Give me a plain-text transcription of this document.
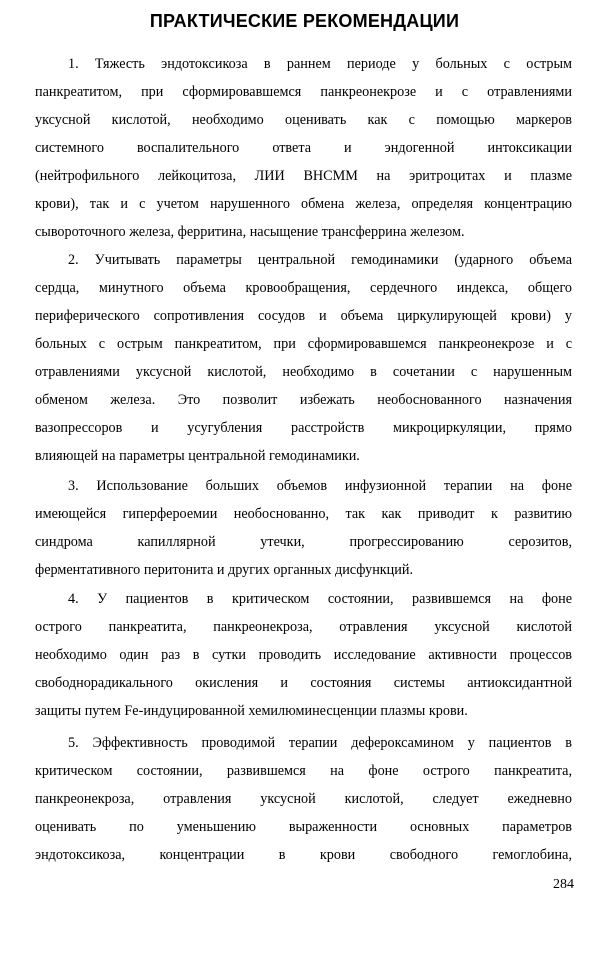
ПРАКТИЧЕСКИЕ РЕКОМЕНДАЦИИ
1. Тяжесть эндотоксикоза в раннем периоде у больных с острым
панкреатитом, при сформировавшемся панкреонекрозе и с отравлениями
уксусной кислотой, необходимо оценивать как с помощью маркеров
системного воспалительного ответа и эндогенной интоксикации
(нейтрофильного лейкоцитоза, ЛИИ ВНСММ на эритроцитах и плазме
крови), так и с учетом нарушенного обмена железа, определяя концентрацию
сывороточного железа, ферритина, насыщение трансферрина железом.
2. Учитывать параметры центральной гемодинамики (ударного объема
сердца, минутного объема кровообращения, сердечного индекса, общего
периферического сопротивления сосудов и объема циркулирующей крови) у
больных с острым панкреатитом, при сформировавшемся панкреонекрозе и с
отравлениями уксусной кислотой, необходимо в сочетании с нарушенным
обменом железа. Это позволит избежать необоснованного назначения
вазопрессоров и усугубления расстройств микроциркуляции, прямо
влияющей на параметры центральной гемодинамики.
3. Использование больших объемов инфузионной терапии на фоне
имеющейся гиперфероемии необоснованно, так как приводит к развитию
синдрома капиллярной утечки, прогрессированию серозитов,
ферментативного перитонита и других органных дисфункций.
4. У пациентов в критическом состоянии, развившемся на фоне
острого панкреатита, панкреонекроза, отравления уксусной кислотой
необходимо один раз в сутки проводить исследование активности процессов
свободнорадикального окисления и состояния системы антиоксидантной
защиты путем Fe-индуцированной хемилюминесценции плазмы крови.
5. Эффективность проводимой терапии дефероксамином у пациентов в
критическом состоянии, развившемся на фоне острого панкреатита,
панкреонекроза, отравления уксусной кислотой, следует ежедневно
оценивать по уменьшению выраженности основных параметров
эндотоксикоза, концентрации в крови свободного гемоглобина,
284
